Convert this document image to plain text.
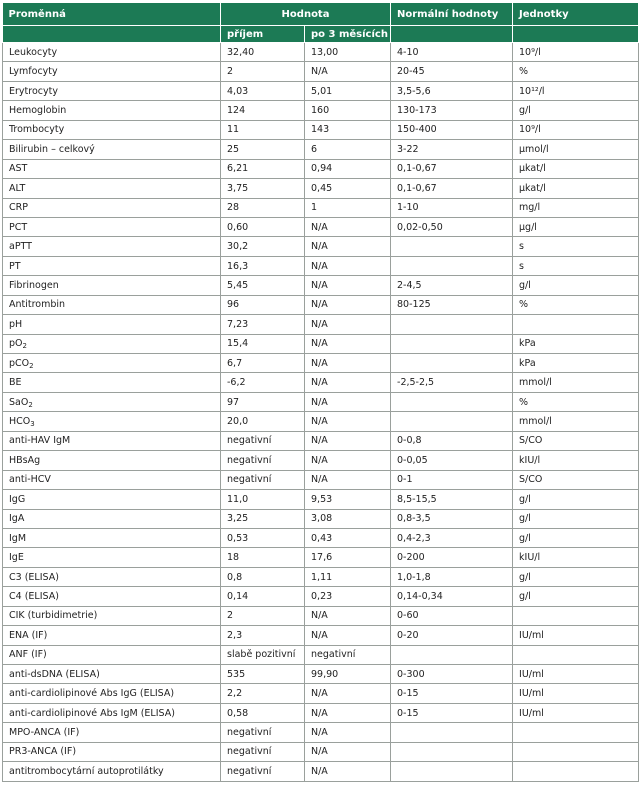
Proměnná	Hodnota		Normální hodnoty	Jednotky
	příjem	po 3 měsících		
Leukocyty	32,40	13,00	4-10	10⁹/l
Lymfocyty	2	N/A	20-45	%
Erytrocyty	4,03	5,01	3,5-5,6	10¹²/l
Hemoglobin	124	160	130-173	g/l
Trombocyty	11	143	150-400	10⁹/l
Bilirubin – celkový	25	6	3-22	μmol/l
AST	6,21	0,94	0,1-0,67	μkat/l
ALT	3,75	0,45	0,1-0,67	μkat/l
CRP	28	1	1-10	mg/l
PCT	0,60	N/A	0,02-0,50	μg/l
aPTT	30,2	N/A		s
PT	16,3	N/A		s
Fibrinogen	5,45	N/A	2-4,5	g/l
Antitrombin	96	N/A	80-125	%
pH	7,23	N/A		
$pO_2$	15,4	N/A		kPa
pCO$_2$	6,7	N/A		kPa
BE	-6,2	N/A	-2,5-2,5	mmol/l
SaO$_2$	97	N/A		%
$HCO_3$	20,0	N/A		mmol/l
anti-HAV IgM	negativní	N/A	0-0,8	S/CO
HBsAg	negativní	N/A	0-0,05	kIU/l
anti-HCV	negativní	N/A	0-1	S/CO
IgG	11,0	9,53	8,5-15,5	g/l
IgA	3,25	3,08	0,8-3,5	g/l
IgM	0,53	0,43	0,4-2,3	g/l
IgE	18	17,6	0-200	kIU/l
C3 (ELISA)	0,8	1,11	1,0-1,8	g/l
C4 (ELISA)	0,14	0,23	0,14-0,34	g/l
CIK (turbidimetrie)	2	N/A	0-60	
ENA (IF)	2,3	N/A	0-20	IU/ml
ANF (IF)	slabě pozitivní	negativní		
anti-dsDNA (ELISA)	535	99,90	0-300	IU/ml
anti-cardiolipinové Abs IgG (ELISA)	2,2	N/A	0-15	IU/ml
anti-cardiolipinové Abs IgM (ELISA)	0,58	N/A	0-15	IU/ml
MPO-ANCA (IF)	negativní	N/A		
PR3-ANCA (IF)	negativní	N/A		
antitrombocytární autoprotilátky	negativní	N/A		
